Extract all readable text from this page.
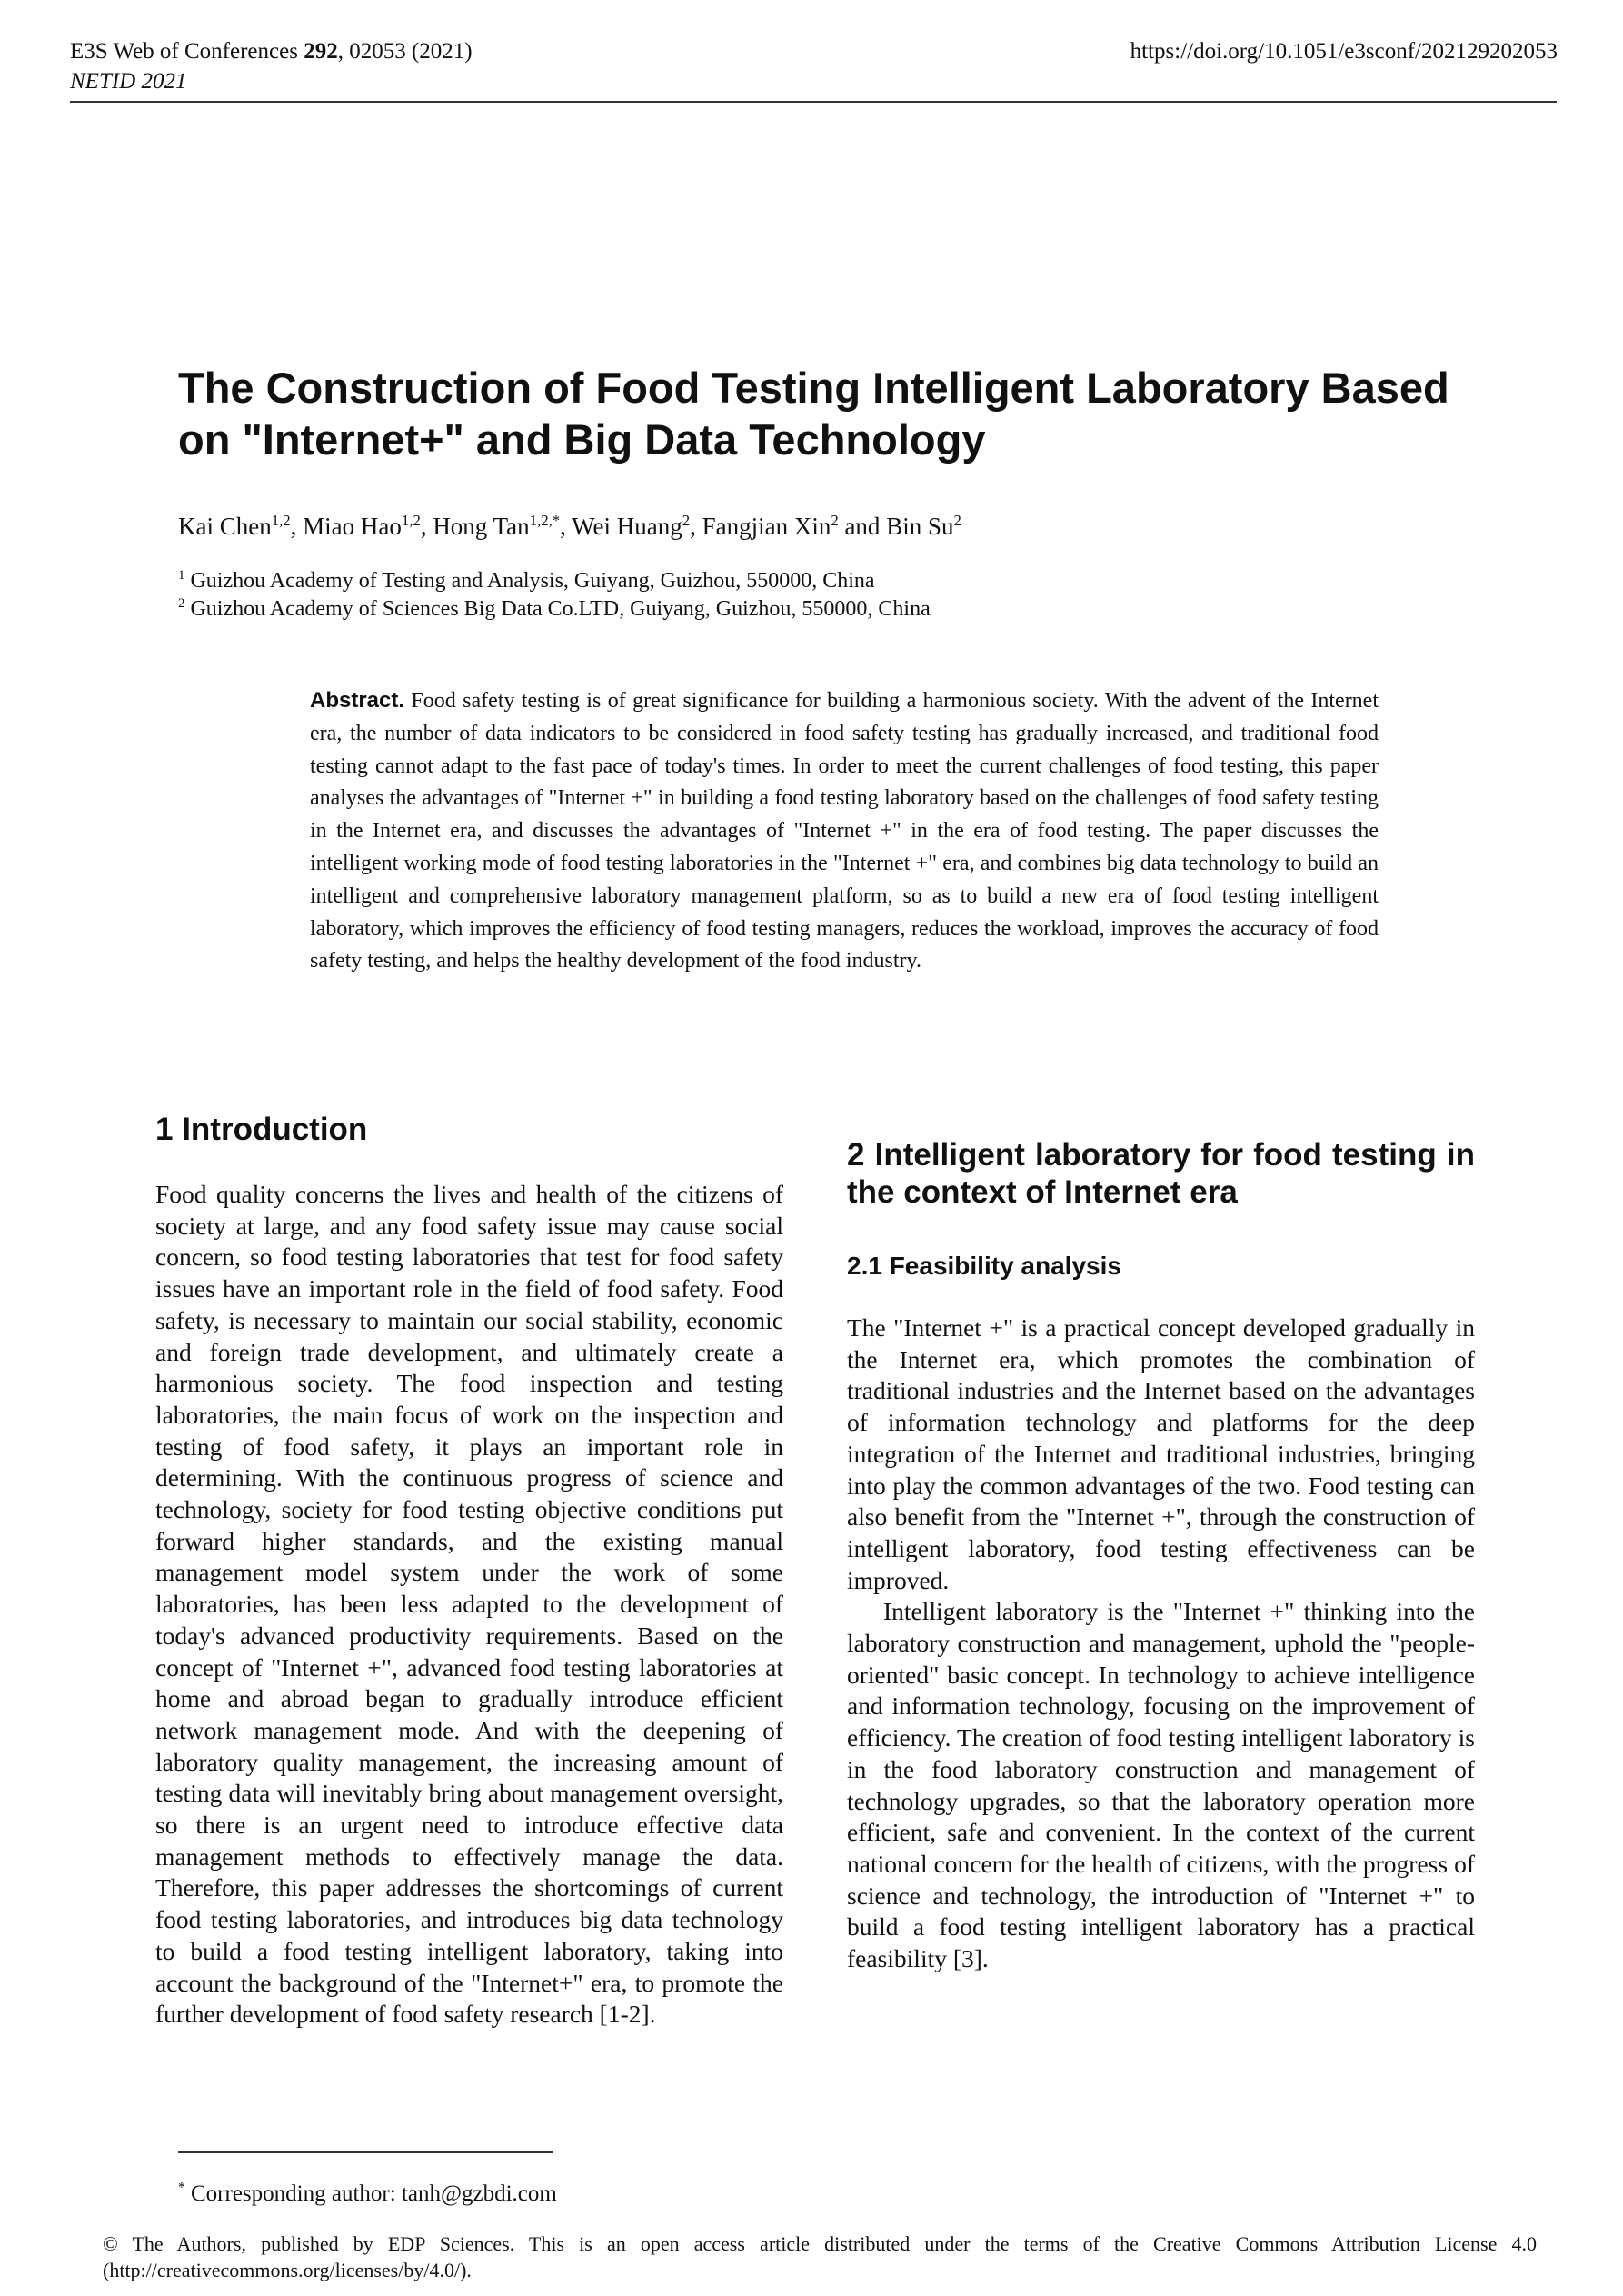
E3S Web of Conferences 292, 02053 (2021)
NETID 2021
https://doi.org/10.1051/e3sconf/202129202053
The Construction of Food Testing Intelligent Laboratory Based on "Internet+" and Big Data Technology
Kai Chen$^{1,2}$, Miao Hao$^{1,2}$, Hong Tan$^{1,2,*}$, Wei Huang$^2$, Fangjian Xin$^2$ and Bin Su$^2$
$^1$ Guizhou Academy of Testing and Analysis, Guiyang, Guizhou, 550000, China
$^2$ Guizhou Academy of Sciences Big Data Co.LTD, Guiyang, Guizhou, 550000, China

Abstract. Food safety testing is of great significance for building a harmonious society. With the advent of the Internet era, the number of data indicators to be considered in food safety testing has gradually increased, and traditional food testing cannot adapt to the fast pace of today's times. In order to meet the current challenges of food testing, this paper analyses the advantages of "Internet +" in building a food testing laboratory based on the challenges of food safety testing in the Internet era, and discusses the advantages of "Internet +" in the era of food testing. The paper discusses the intelligent working mode of food testing laboratories in the "Internet +" era, and combines big data technology to build an intelligent and comprehensive laboratory management platform, so as to build a new era of food testing intelligent laboratory, which improves the efficiency of food testing managers, reduces the workload, improves the accuracy of food safety testing, and helps the healthy development of the food industry.

1 Introduction

Food quality concerns the lives and health of the citizens of society at large, and any food safety issue may cause social concern, so food testing laboratories that test for food safety issues have an important role in the field of food safety. Food safety, is necessary to maintain our social stability, economic and foreign trade development, and ultimately create a harmonious society. The food inspection and testing laboratories, the main focus of work on the inspection and testing of food safety, it plays an important role in determining. With the continuous progress of science and technology, society for food testing objective conditions put forward higher standards, and the existing manual management model system under the work of some laboratories, has been less adapted to the development of today's advanced productivity requirements. Based on the concept of "Internet +", advanced food testing laboratories at home and abroad began to gradually introduce efficient network management mode. And with the deepening of laboratory quality management, the increasing amount of testing data will inevitably bring about management oversight, so there is an urgent need to introduce effective data management methods to effectively manage the data. Therefore, this paper addresses the shortcomings of current food testing laboratories, and introduces big data technology to build a food testing intelligent laboratory, taking into account the background of the "Internet+" era, to promote the further development of food safety research [1-2].

2 Intelligent laboratory for food testing in the context of Internet era
2.1 Feasibility analysis

The "Internet +" is a practical concept developed gradually in the Internet era, which promotes the combination of traditional industries and the Internet based on the advantages of information technology and platforms for the deep integration of the Internet and traditional industries, bringing into play the common advantages of the two. Food testing can also benefit from the "Internet +", through the construction of intelligent laboratory, food testing effectiveness can be improved.

Intelligent laboratory is the "Internet +" thinking into the laboratory construction and management, uphold the "people-oriented" basic concept. In technology to achieve intelligence and information technology, focusing on the improvement of efficiency. The creation of food testing intelligent laboratory is in the food laboratory construction and management of technology upgrades, so that the laboratory operation more efficient, safe and convenient. In the context of the current national concern for the health of citizens, with the progress of science and technology, the introduction of "Internet +" to build a food testing intelligent laboratory has a practical feasibility [3].

* Corresponding author: tanh@gzbdi.com

© The Authors, published by EDP Sciences. This is an open access article distributed under the terms of the Creative Commons Attribution License 4.0 (http://creativecommons.org/licenses/by/4.0/).
